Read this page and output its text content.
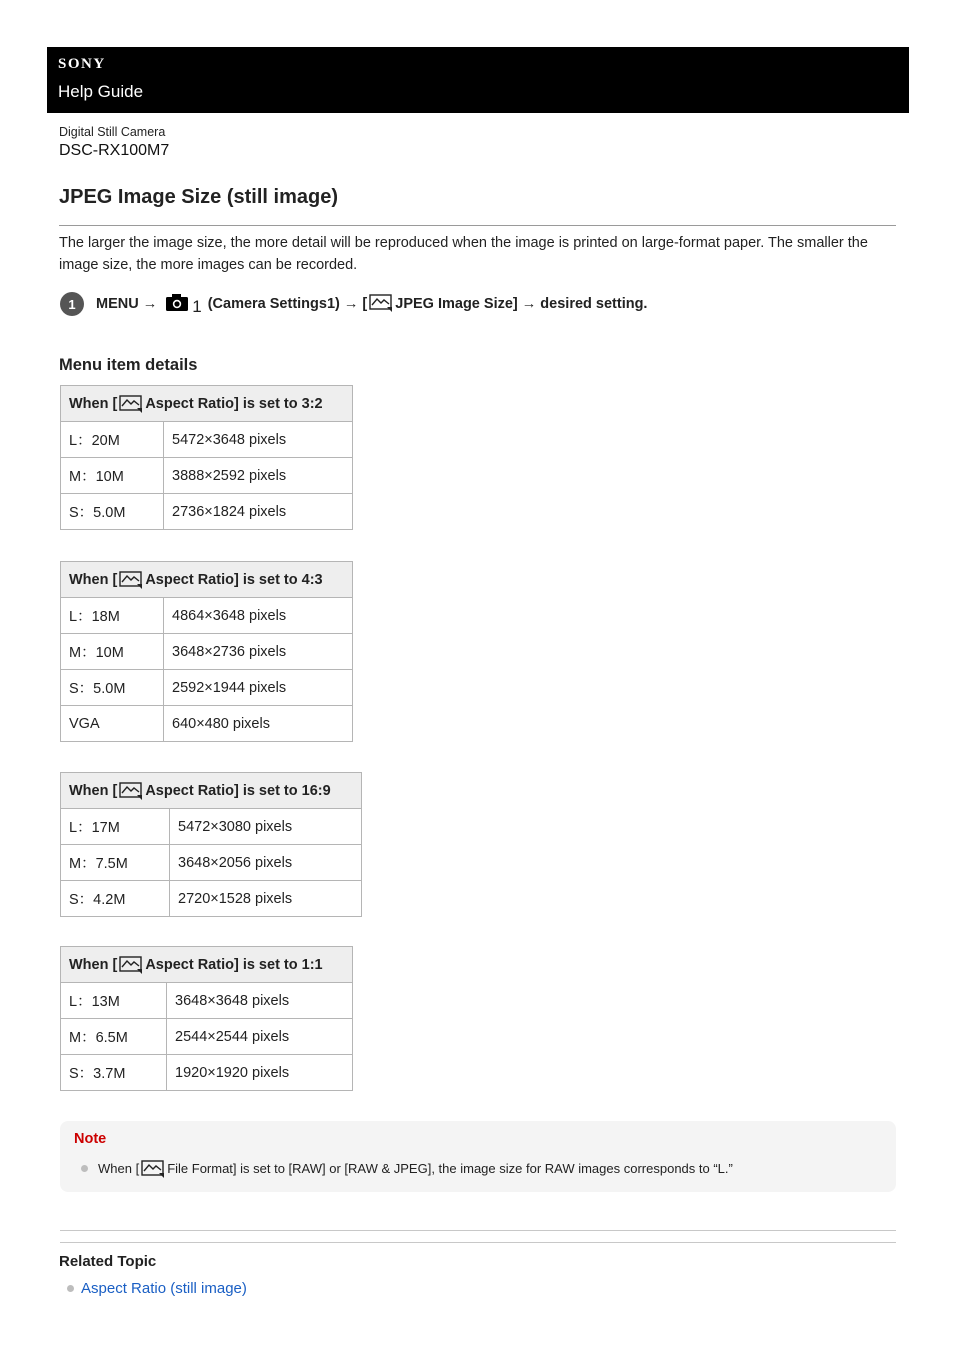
SONY
Help Guide
Digital Still Camera
DSC-RX100M7
JPEG Image Size (still image)

The larger the image size, the more detail will be reproduced when the image is printed on large-format paper. The smaller the image size, the more images can be recorded.

1	MENU → 1 (Camera Settings1) → [ JPEG Image Size] → desired setting.
Menu item details
When [ Aspect Ratio] is set to 3:2	

L：20M	5472×3648 pixels
M：10M	3888×2592 pixels
S：5.0M	2736×1824 pixels
When [ Aspect Ratio] is set to 4:3	

L：18M	4864×3648 pixels
M：10M	3648×2736 pixels
S：5.0M	2592×1944 pixels
VGA	640×480 pixels
When [ Aspect Ratio] is set to 16:9	

L：17M	5472×3080 pixels
M：7.5M	3648×2056 pixels
S：4.2M	2720×1528 pixels
When [ Aspect Ratio] is set to 1:1	

L：13M	3648×3648 pixels
M：6.5M	2544×2544 pixels
S：3.7M	1920×1920 pixels
Note
When [ File Format] is set to [RAW] or [RAW & JPEG], the image size for RAW images corresponds to “L.”
Related Topic
Aspect Ratio (still image)
